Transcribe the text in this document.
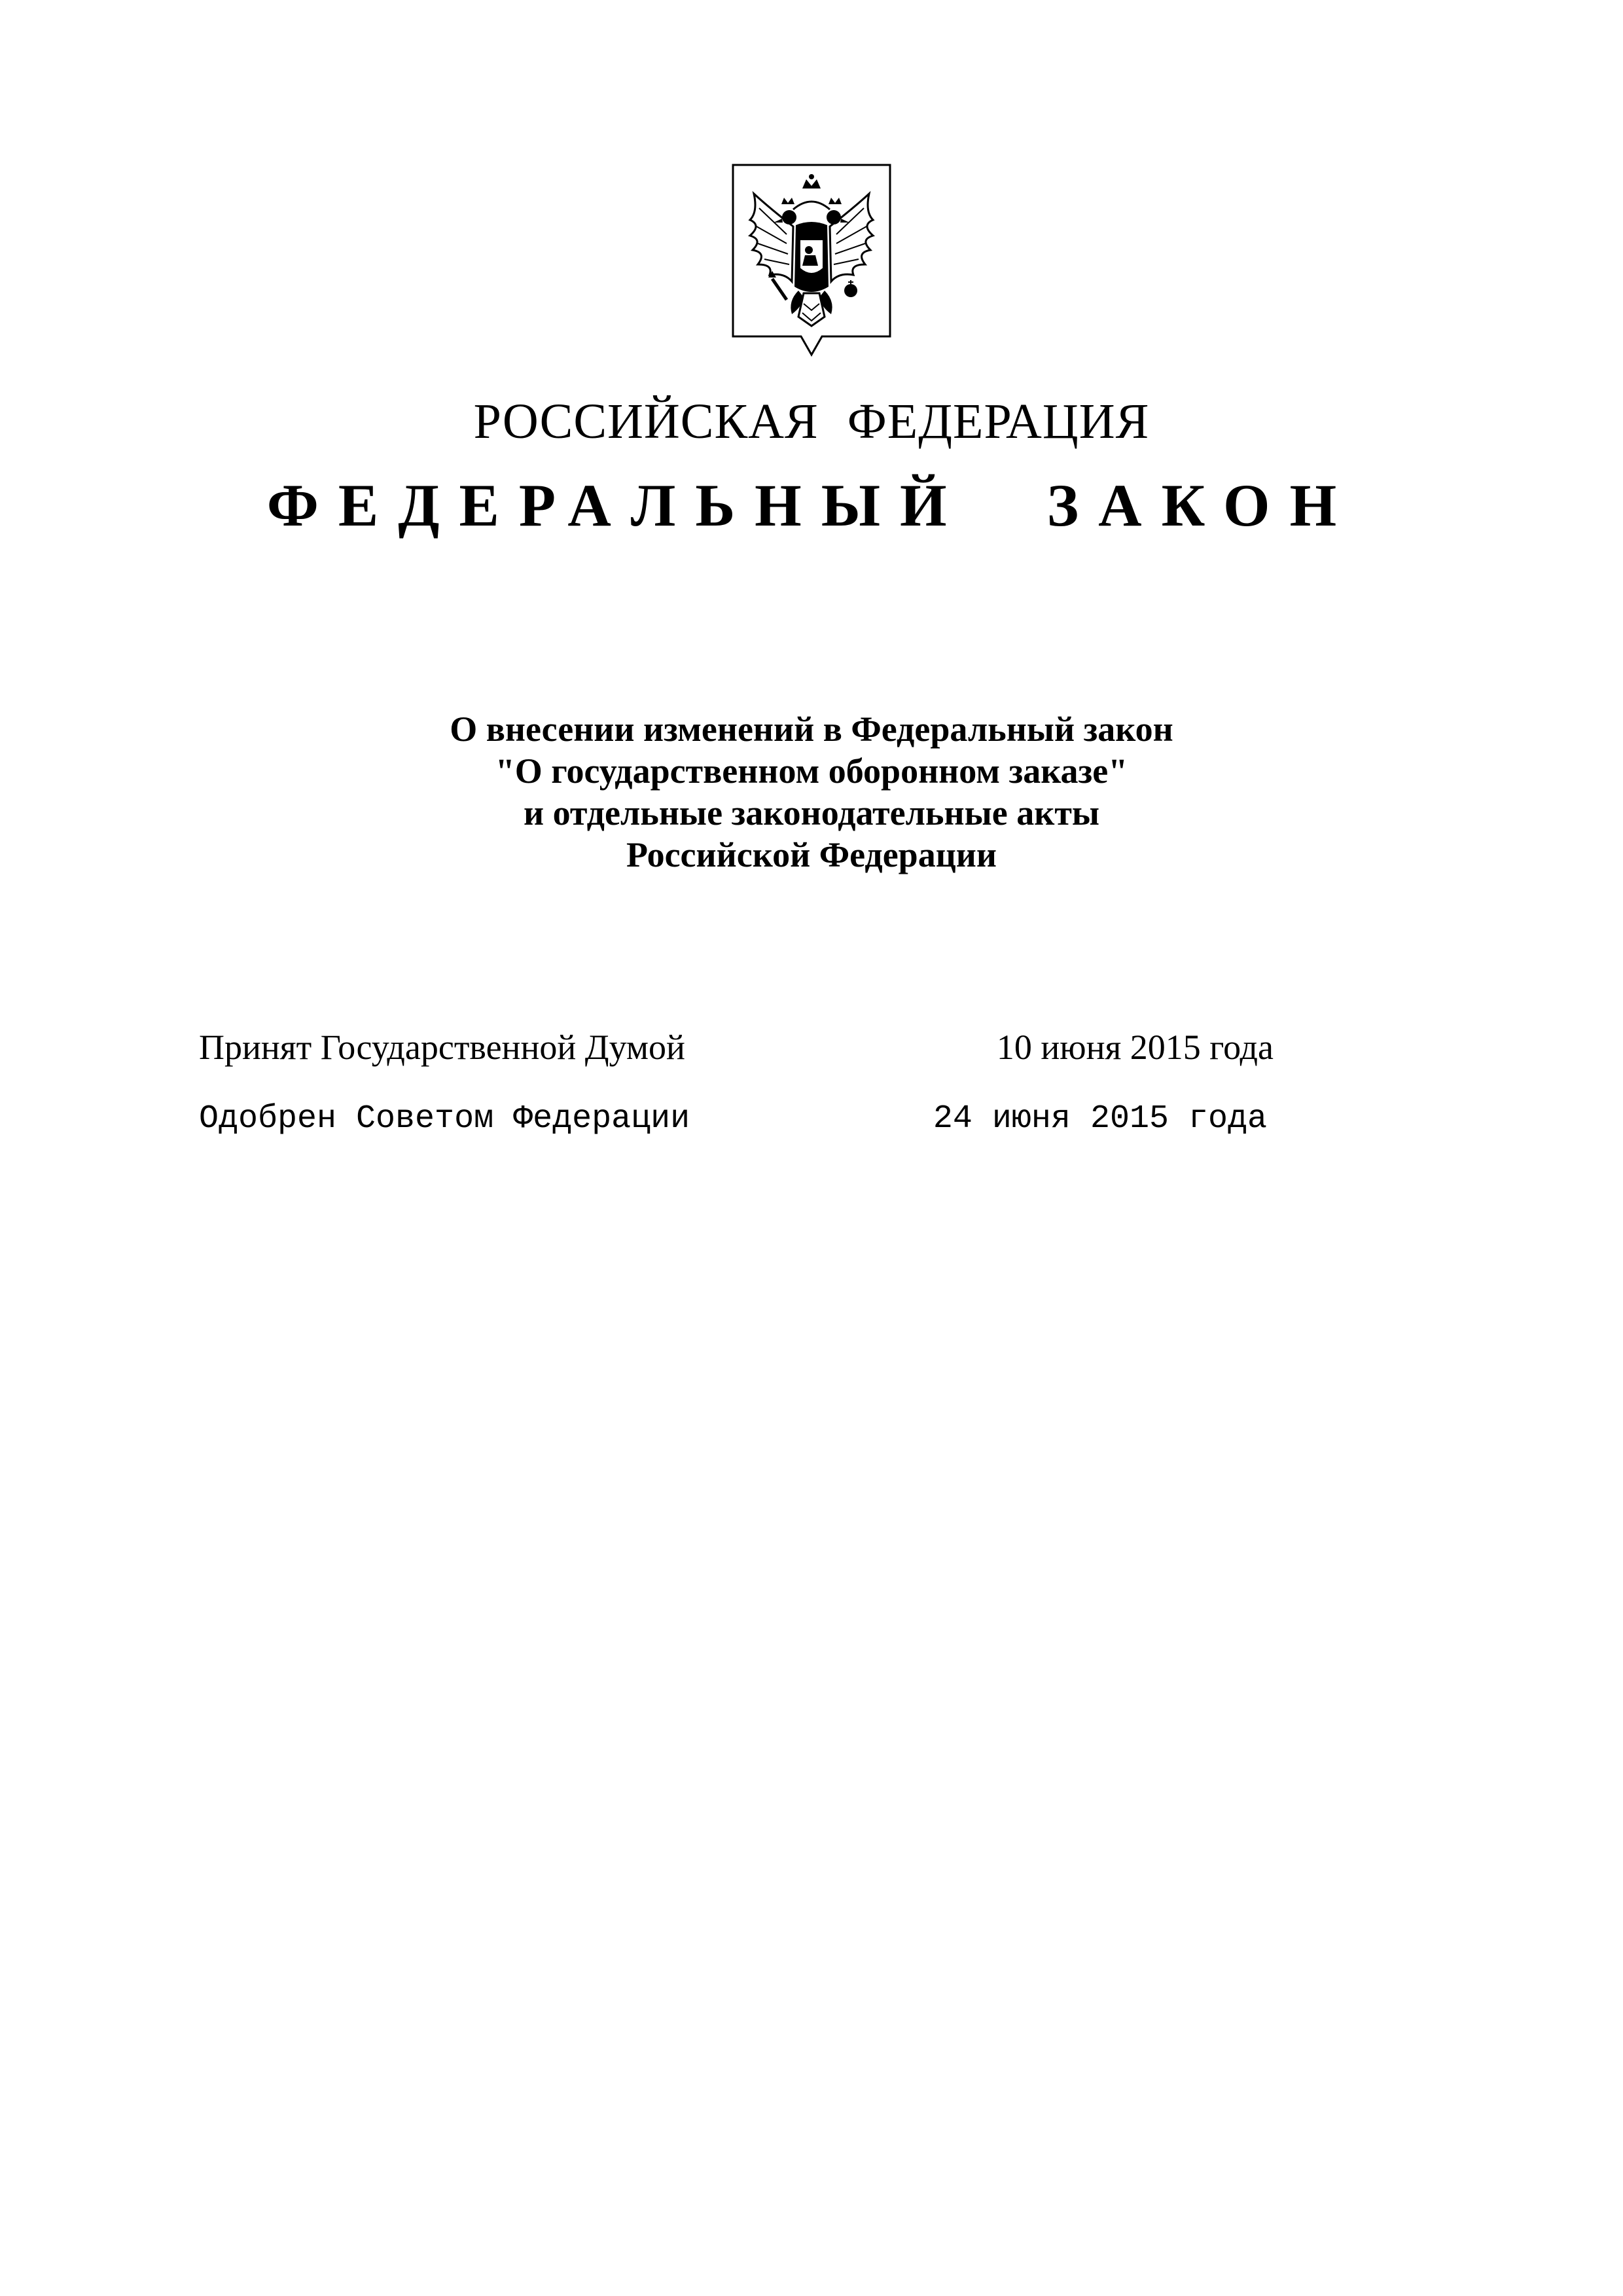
РОССИЙСКАЯ ФЕДЕРАЦИЯ
ФЕДЕРАЛЬНЫЙ ЗАКОН
О внесении изменений в Федеральный закон
"О государственном оборонном заказе"
и отдельные законодательные акты
Российской Федерации
Принят Государственной Думой	10 июня 2015 года
Одобрен Советом Федерации	24 июня 2015 года
